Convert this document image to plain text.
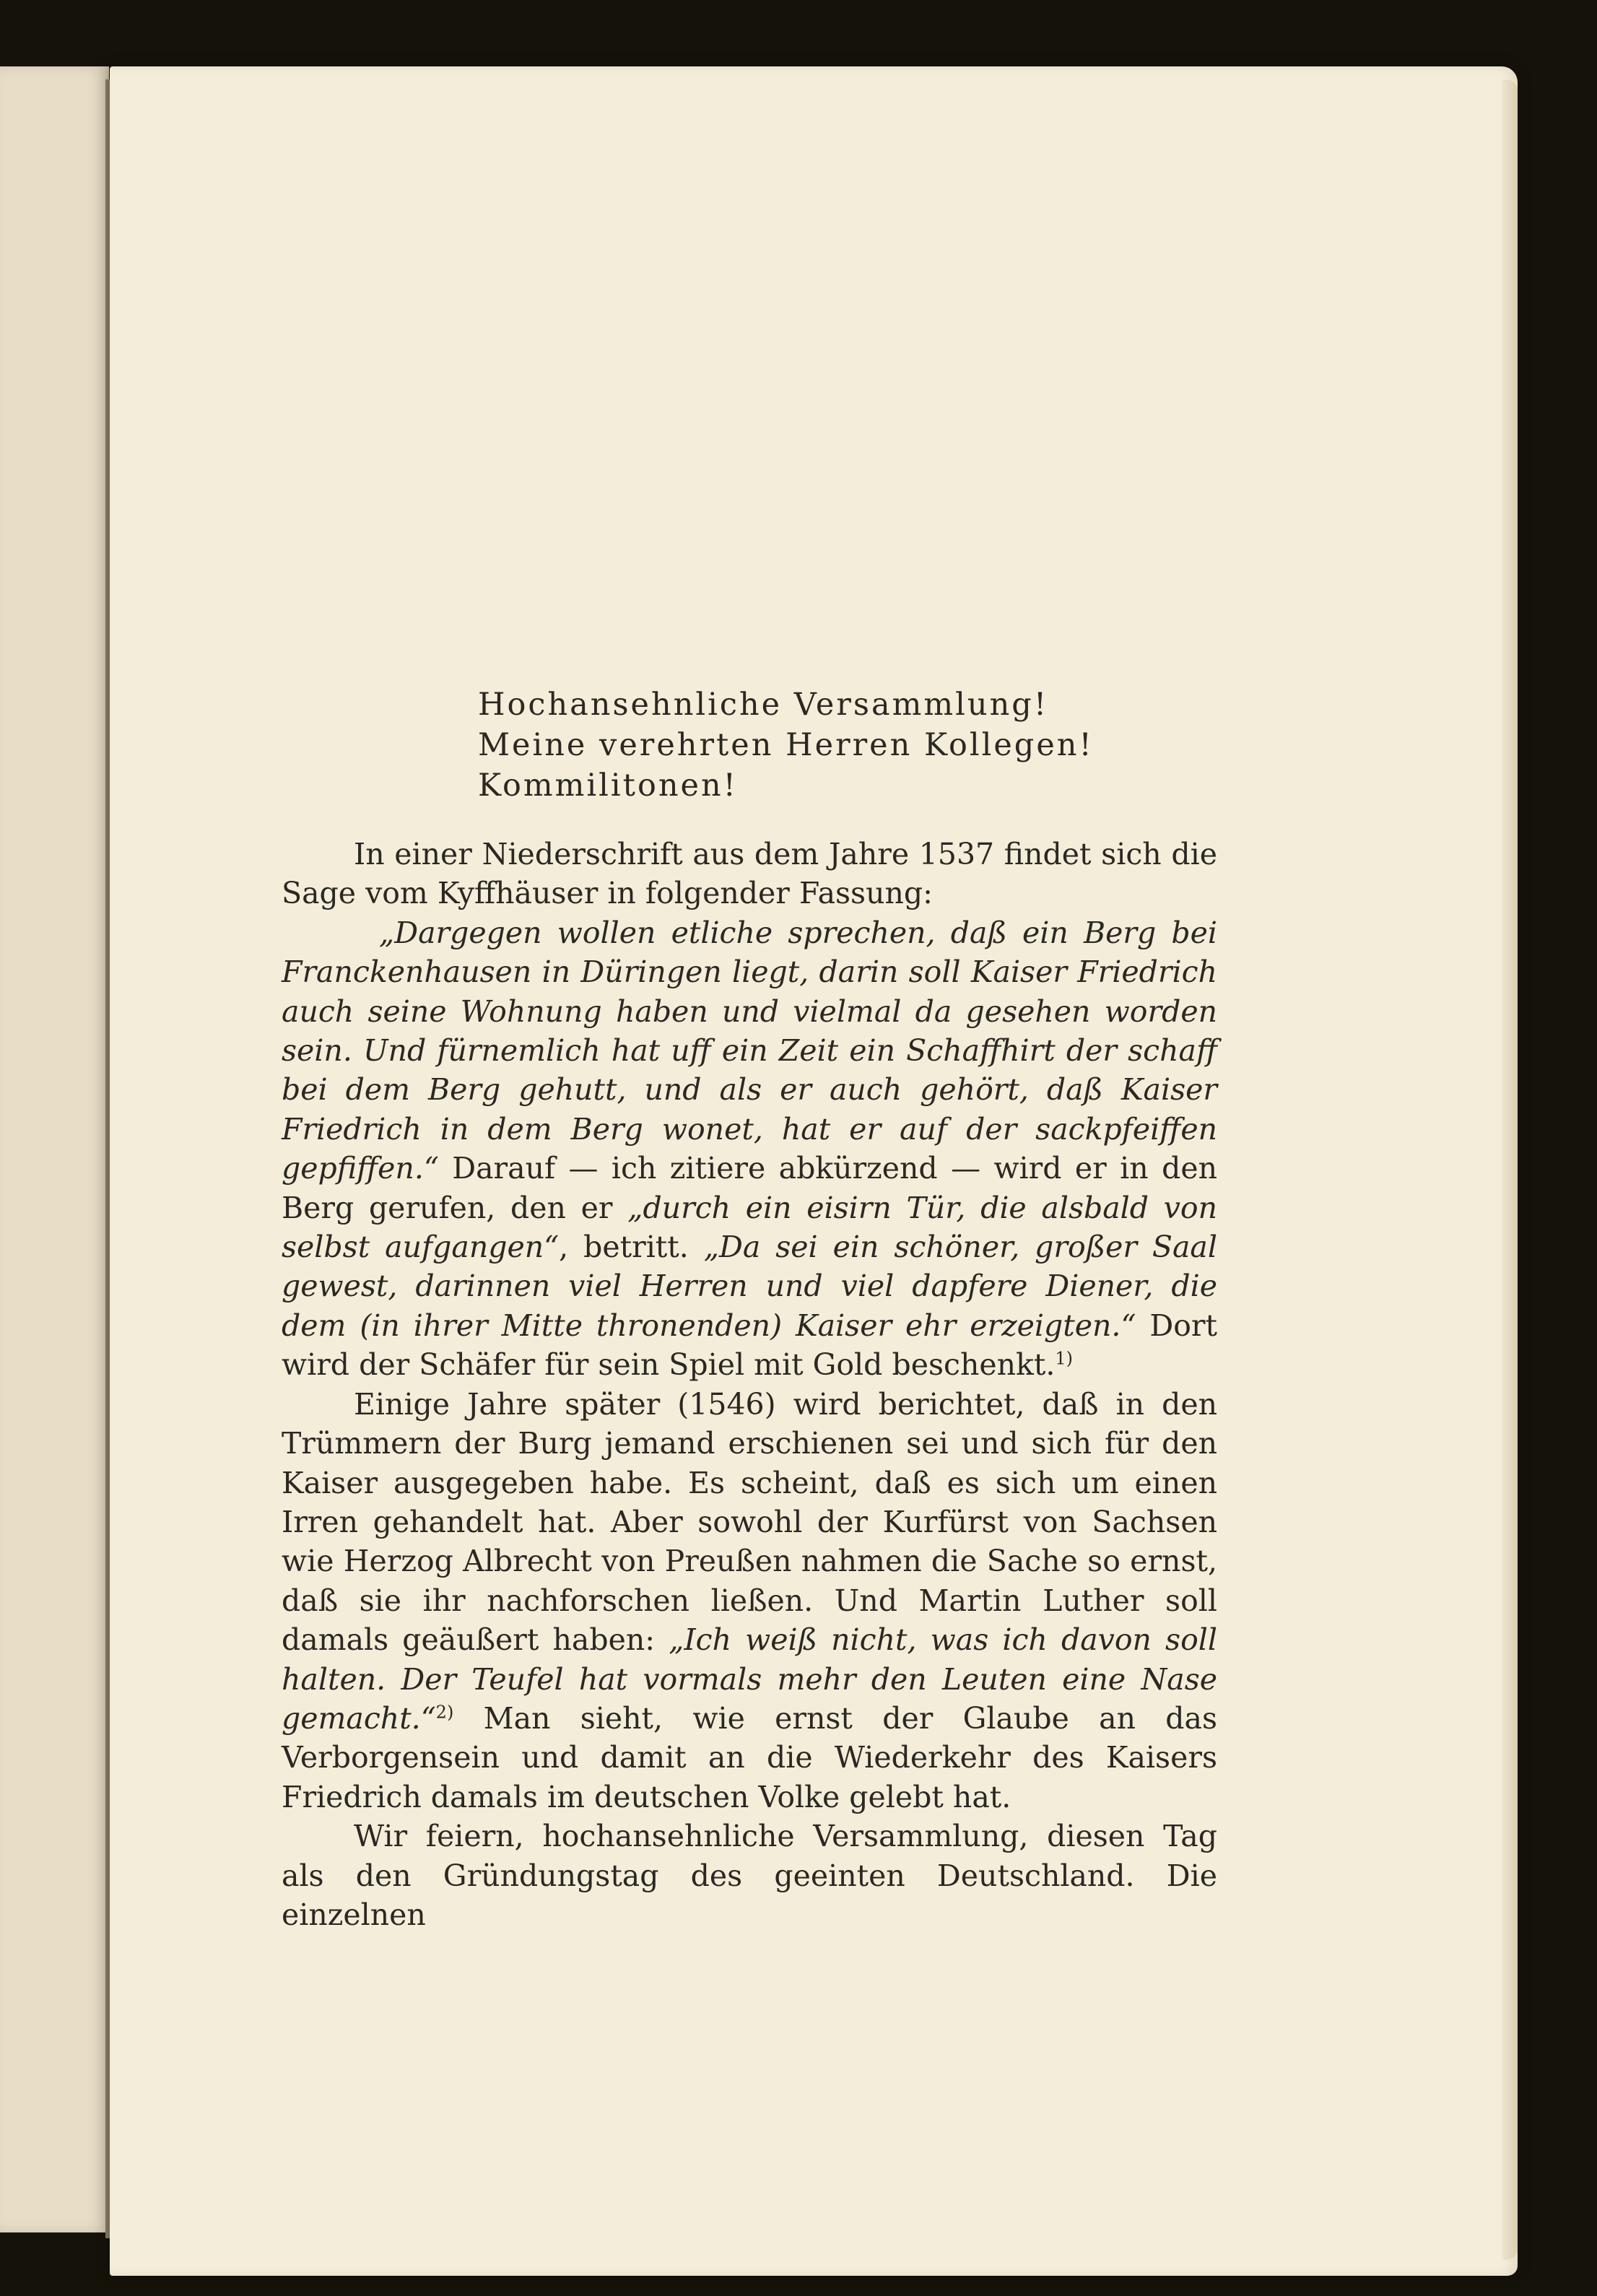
Hochansehnliche Versammlung!
Meine verehrten Herren Kollegen!
Kommilitonen!

In einer Niederschrift aus dem Jahre 1537 findet sich die Sage vom Kyffhäuser in folgender Fassung:

„Dargegen wollen etliche sprechen, daß ein Berg bei Franckenhausen in Düringen liegt, darin soll Kaiser Friedrich auch seine Wohnung haben und vielmal da gesehen worden sein. Und fürnemlich hat uff ein Zeit ein Schaffhirt der schaff bei dem Berg gehutt, und als er auch gehört, daß Kaiser Friedrich in dem Berg wonet, hat er auf der sackpfeiffen gepfiffen.“ Darauf — ich zitiere abkürzend — wird er in den Berg gerufen, den er „durch ein eisirn Tür, die alsbald von selbst aufgangen“, betritt. „Da sei ein schöner, großer Saal gewest, darinnen viel Herren und viel dapfere Diener, die dem (in ihrer Mitte thronenden) Kaiser ehr erzeigten.“ Dort wird der Schäfer für sein Spiel mit Gold beschenkt.$^{1)}$

Einige Jahre später (1546) wird berichtet, daß in den Trümmern der Burg jemand erschienen sei und sich für den Kaiser ausgegeben habe. Es scheint, daß es sich um einen Irren gehandelt hat. Aber sowohl der Kurfürst von Sachsen wie Herzog Albrecht von Preußen nahmen die Sache so ernst, daß sie ihr nachforschen ließen. Und Martin Luther soll damals geäußert haben: „Ich weiß nicht, was ich davon soll halten. Der Teufel hat vormals mehr den Leuten eine Nase gemacht.“$^{2)}$ Man sieht, wie ernst der Glaube an das Verborgensein und damit an die Wiederkehr des Kaisers Friedrich damals im deutschen Volke gelebt hat.

Wir feiern, hochansehnliche Versammlung, diesen Tag als den Gründungstag des geeinten Deutschland. Die einzelnen
